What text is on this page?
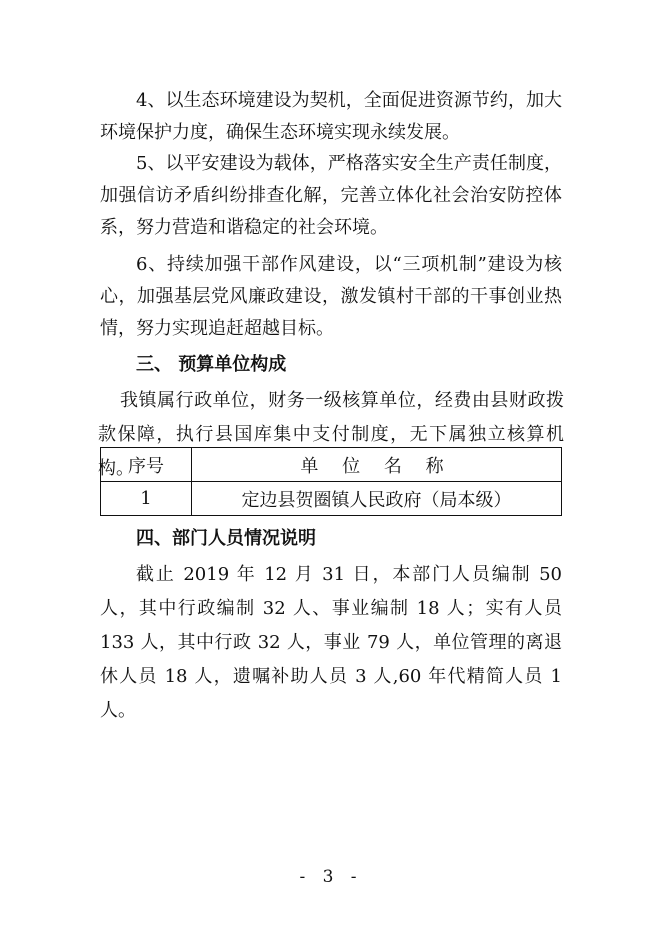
4、以生态环境建设为契机，全面促进资源节约，加大环境保护力度，确保生态环境实现永续发展。

5、以平安建设为载体，严格落实安全生产责任制度，加强信访矛盾纠纷排查化解，完善立体化社会治安防控体系，努力营造和谐稳定的社会环境。

6、持续加强干部作风建设，以“三项机制”建设为核心，加强基层党风廉政建设，激发镇村干部的干事创业热情，努力实现追赶超越目标。

三、 预算单位构成

我镇属行政单位，财务一级核算单位，经费由县财政拨款保障，执行县国库集中支付制度，无下属独立核算机构。

序号	单 位 名 称
1	定边县贺圈镇人民政府（局本级）
四、部门人员情况说明

截止 2019 年 12 月 31 日，本部门人员编制 50 人，其中行政编制 32 人、事业编制 18 人；实有人员 133 人，其中行政 32 人，事业 79 人，单位管理的离退休人员 18 人，遗嘱补助人员 3 人,60 年代精简人员 1 人。

- 3 -
